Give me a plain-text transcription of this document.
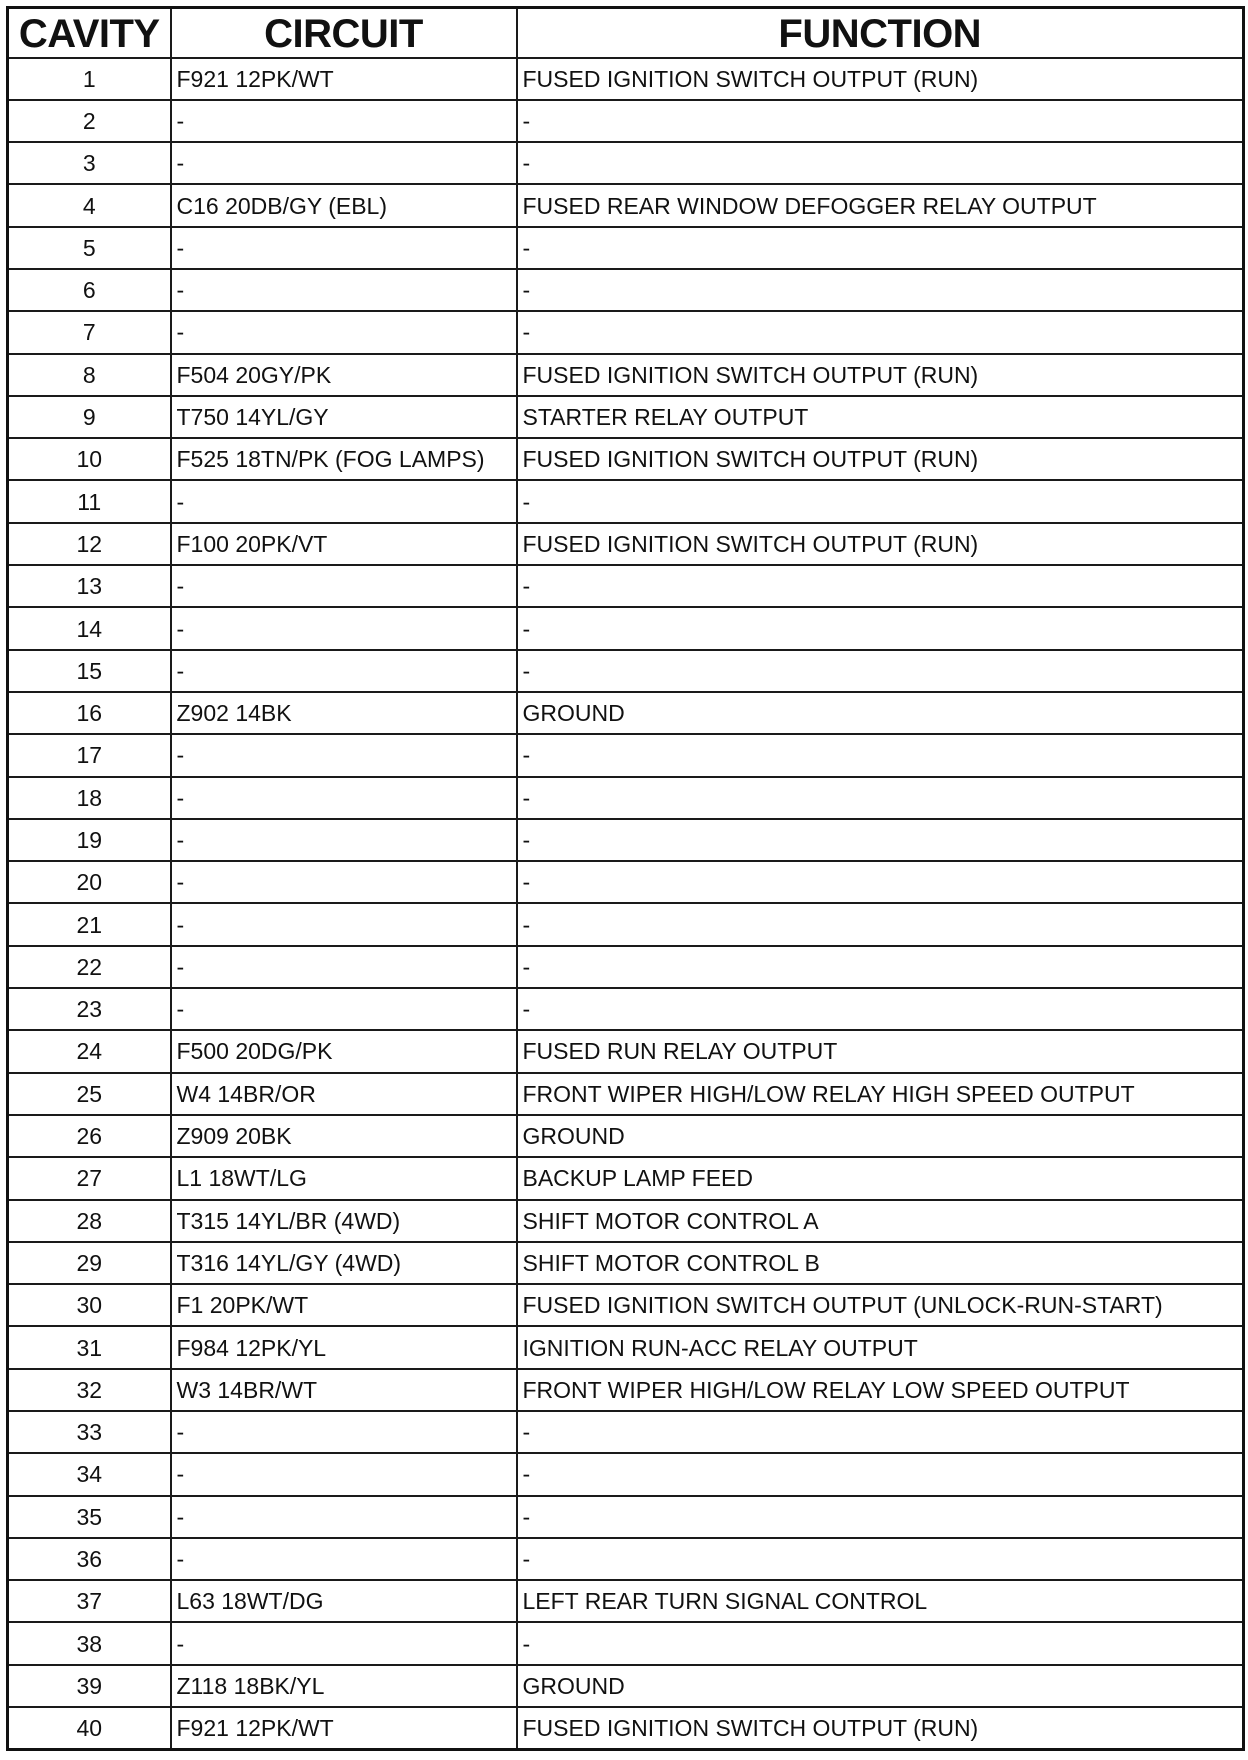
CAVITY	CIRCUIT	FUNCTION
1	F921 12PK/WT	FUSED IGNITION SWITCH OUTPUT (RUN)
2	-	-
3	-	-
4	C16 20DB/GY (EBL)	FUSED REAR WINDOW DEFOGGER RELAY OUTPUT
5	-	-
6	-	-
7	-	-
8	F504 20GY/PK	FUSED IGNITION SWITCH OUTPUT (RUN)
9	T750 14YL/GY	STARTER RELAY OUTPUT
10	F525 18TN/PK (FOG LAMPS)	FUSED IGNITION SWITCH OUTPUT (RUN)
11	-	-
12	F100 20PK/VT	FUSED IGNITION SWITCH OUTPUT (RUN)
13	-	-
14	-	-
15	-	-
16	Z902 14BK	GROUND
17	-	-
18	-	-
19	-	-
20	-	-
21	-	-
22	-	-
23	-	-
24	F500 20DG/PK	FUSED RUN RELAY OUTPUT
25	W4 14BR/OR	FRONT WIPER HIGH/LOW RELAY HIGH SPEED OUTPUT
26	Z909 20BK	GROUND
27	L1 18WT/LG	BACKUP LAMP FEED
28	T315 14YL/BR (4WD)	SHIFT MOTOR CONTROL A
29	T316 14YL/GY (4WD)	SHIFT MOTOR CONTROL B
30	F1 20PK/WT	FUSED IGNITION SWITCH OUTPUT (UNLOCK-RUN-START)
31	F984 12PK/YL	IGNITION RUN-ACC RELAY OUTPUT
32	W3 14BR/WT	FRONT WIPER HIGH/LOW RELAY LOW SPEED OUTPUT
33	-	-
34	-	-
35	-	-
36	-	-
37	L63 18WT/DG	LEFT REAR TURN SIGNAL CONTROL
38	-	-
39	Z118 18BK/YL	GROUND
40	F921 12PK/WT	FUSED IGNITION SWITCH OUTPUT (RUN)
